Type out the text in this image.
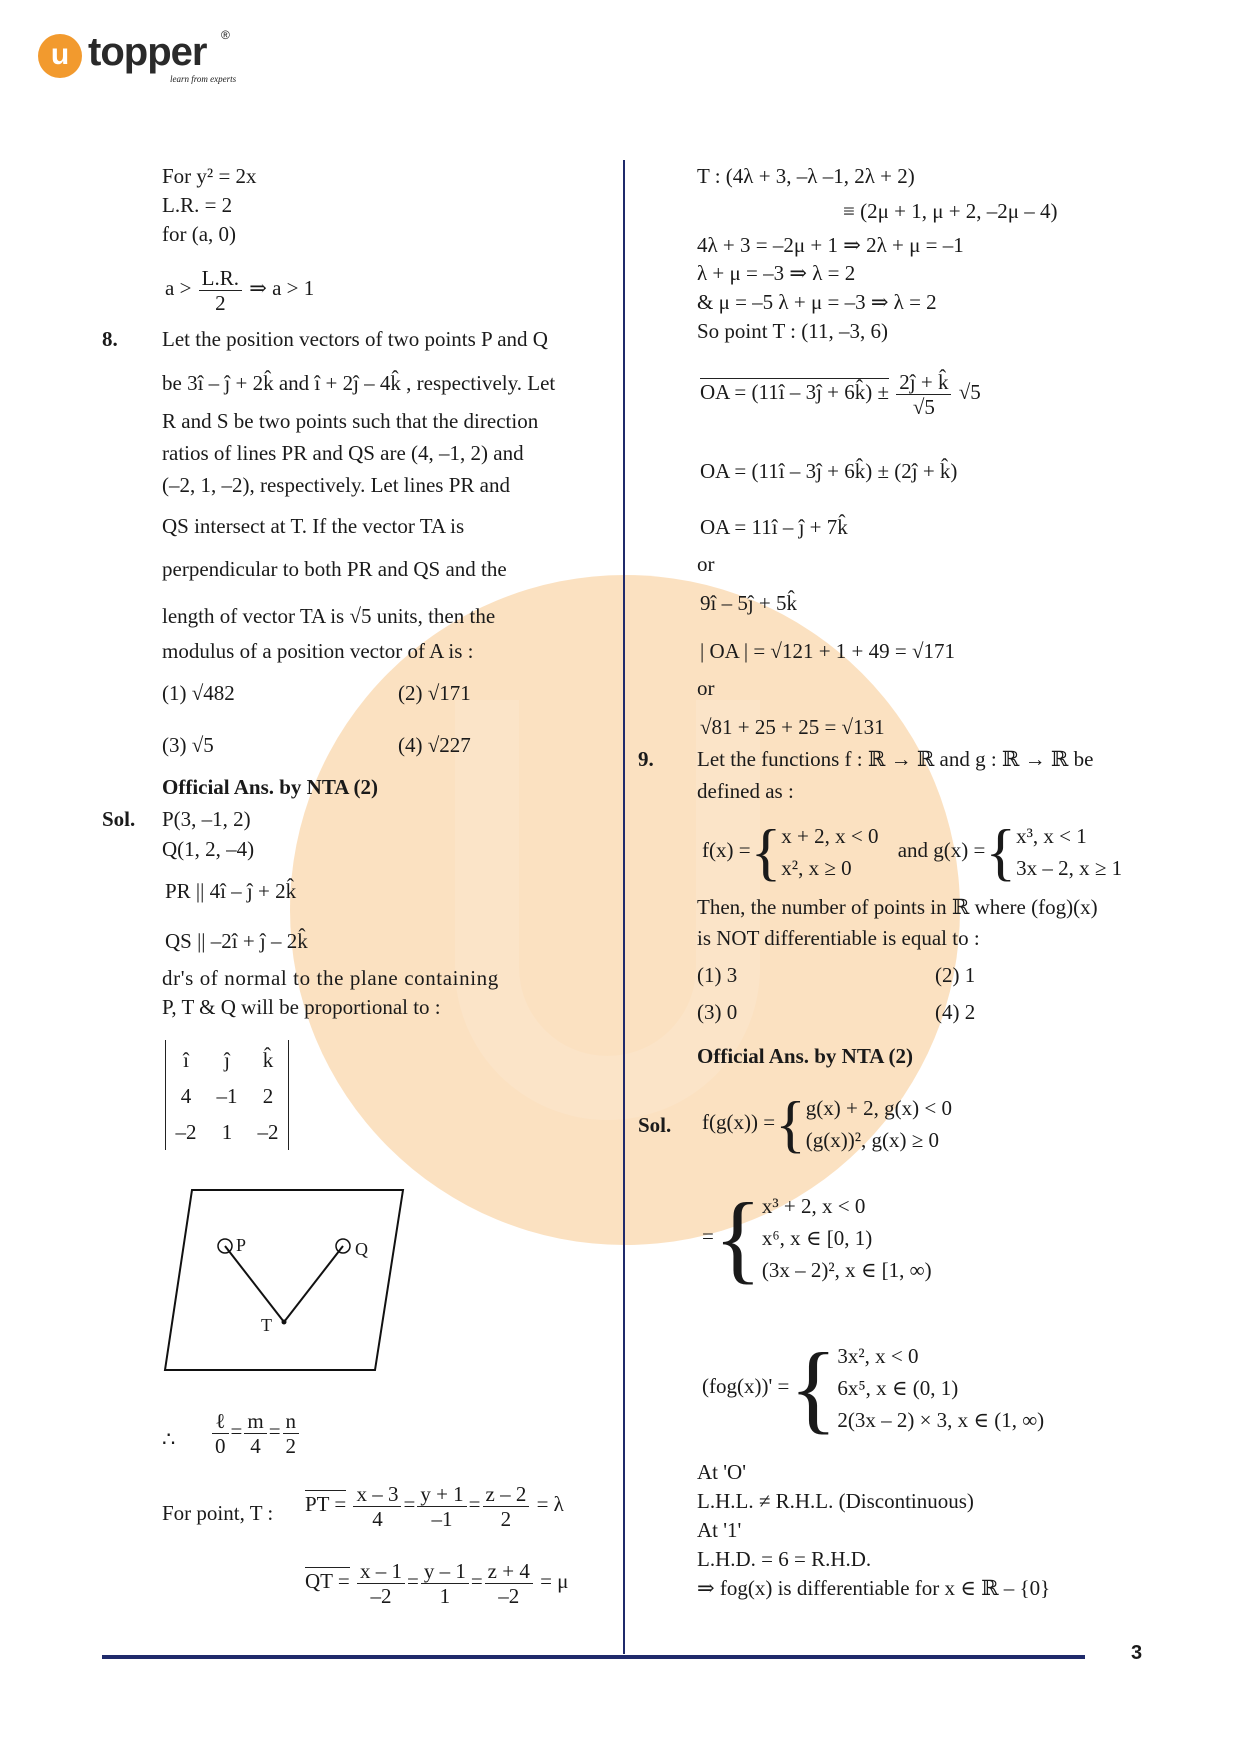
u topper ®
learn from experts
For y² = 2x
L.R. = 2
for (a, 0)
$a > \frac{L.R.}{2}$ ⇒ a > 1
8. Let the position vectors of two points P and Q
be 3î – ĵ + 2k̂ and î + 2ĵ – 4k̂ , respectively. Let
R and S be two points such that the direction
ratios of lines PR and QS are (4, –1, 2) and
(–2, 1, –2), respectively. Let lines PR and
QS intersect at T. If the vector TA is
perpendicular to both PR and QS and the
length of vector TA is √5 units, then the
modulus of a position vector of A is :
(1) √482	(2) √171
(3) √5	(4) √227
Official Ans. by NTA (2)
Sol. P(3, –1, 2)
Q(1, 2, –4)
PR || 4î – ĵ + 2k̂
QS || –2î + ĵ – 2k̂
dr's of normal to the plane containing
P, T & Q will be proportional to :
î	ĵ	k̂
4	–1	2
–2	1	–2
P	Q
T
∴ $\frac{\text{ℓ}}{0} = \frac{m}{4} = \frac{n}{2}$
For point, T : PT = $\frac{x - 3}{4} = \frac{y + 1}{-1} = \frac{z - 2}{2} = \lambda$
QT = $\frac{x - 1}{-2} = \frac{y - 1}{1} = \frac{z + 4}{-2} = \mu$
T : (4λ + 3, –λ –1, 2λ + 2)
≡ (2μ + 1, μ + 2, –2μ – 4)
4λ + 3 = –2μ + 1 ⇒ 2λ + μ = –1
λ + μ = –3 ⇒ λ = 2
& μ = –5 λ + μ = –3 ⇒ λ = 2
So point T : (11, –3, 6)
OA = (11î – 3ĵ + 6k̂) ± $\frac{2ĵ + k̂}{√5} √5$
OA = (11î – 3ĵ + 6k̂) ± (2ĵ + k̂)
OA = 11î – ĵ + 7k̂
or
9î – 5ĵ + 5k̂
| OA | = √121 + 1 + 49 = √171
or
√81 + 25 + 25 = √131
9. Let the functions f : ℝ → ℝ and g : ℝ → ℝ be
defined as :
f(x) ={ x + 2, x < 0
x², x ≥ 0
and g(x) ={ x³, x < 1
3x – 2, x ≥ 1
Then, the number of points in ℝ where (fog)(x)
is NOT differentiable is equal to :
(1) 3	(2) 1
(3) 0	(4) 2
Official Ans. by NTA (2)
Sol. f(g(x)) ={ g(x) + 2, g(x) < 0
(g(x))², g(x) ≥ 0
={ x³ + 2, x < 0
x⁶, x ∈ [0, 1)
(3x – 2)², x ∈ [1, ∞)
(fog(x))' ={ 3x², x < 0
6x⁵, x ∈ (0, 1)
2(3x – 2) × 3, x ∈ (1, ∞)
At 'O'
L.H.L. ≠ R.H.L. (Discontinuous)
At '1'
L.H.D. = 6 = R.H.D.
⇒ fog(x) is differentiable for x ∈ ℝ – {0}
3
